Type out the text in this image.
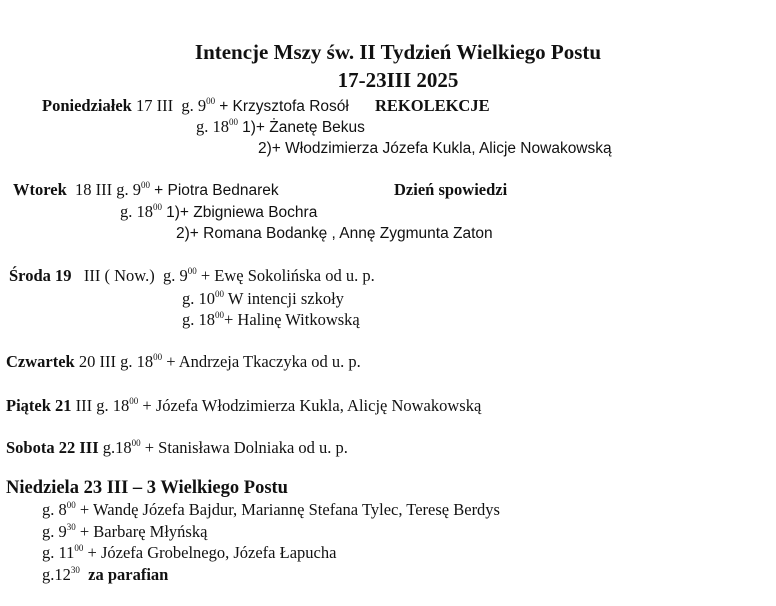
Intencje Mszy św. II Tydzień Wielkiego Postu
17-23III 2025
Poniedziałek 17 III g. $9^{00}$ + Krzysztofa Rosół REKOLEKCJE
g. $18^{00}$ 1)+ Żanetę Bekus
2)+ Włodzimierza Józefa Kukla, Alicje Nowakowską
Wtorek 18 III g. $9^{00}$ + Piotra Bednarek	Dzień spowiedzi
g. $18^{00}$ 1)+ Zbigniewa Bochra
2)+ Romana Bodankę , Annę Zygmunta Zaton
Środa 19 III ( Now.) g. $9^{00}$ + Ewę Sokolińska od u. p.
g. $10^{00}$ W intencji szkoły
g. $18^{00}+$ Halinę Witkowską
Czwartek 20 III g. $18^{00}$ + Andrzeja Tkaczyka od u. p.
Piątek 21 III g. $18^{00}$ + Józefa Włodzimierza Kukla, Alicję Nowakowską
Sobota 22 III $g.18^{00}$ + Stanisława Dolniaka od u. p.
Niedziela 23 III – 3 Wielkiego Postu
g. $8^{00}$ + Wandę Józefa Bajdur, Mariannę Stefana Tylec, Teresę Berdys
g. $9^{30}$ + Barbarę Młyńską
g. $11^{00}$ + Józefa Grobelnego, Józefa Łapucha
$g.12^{30}$ za parafian
